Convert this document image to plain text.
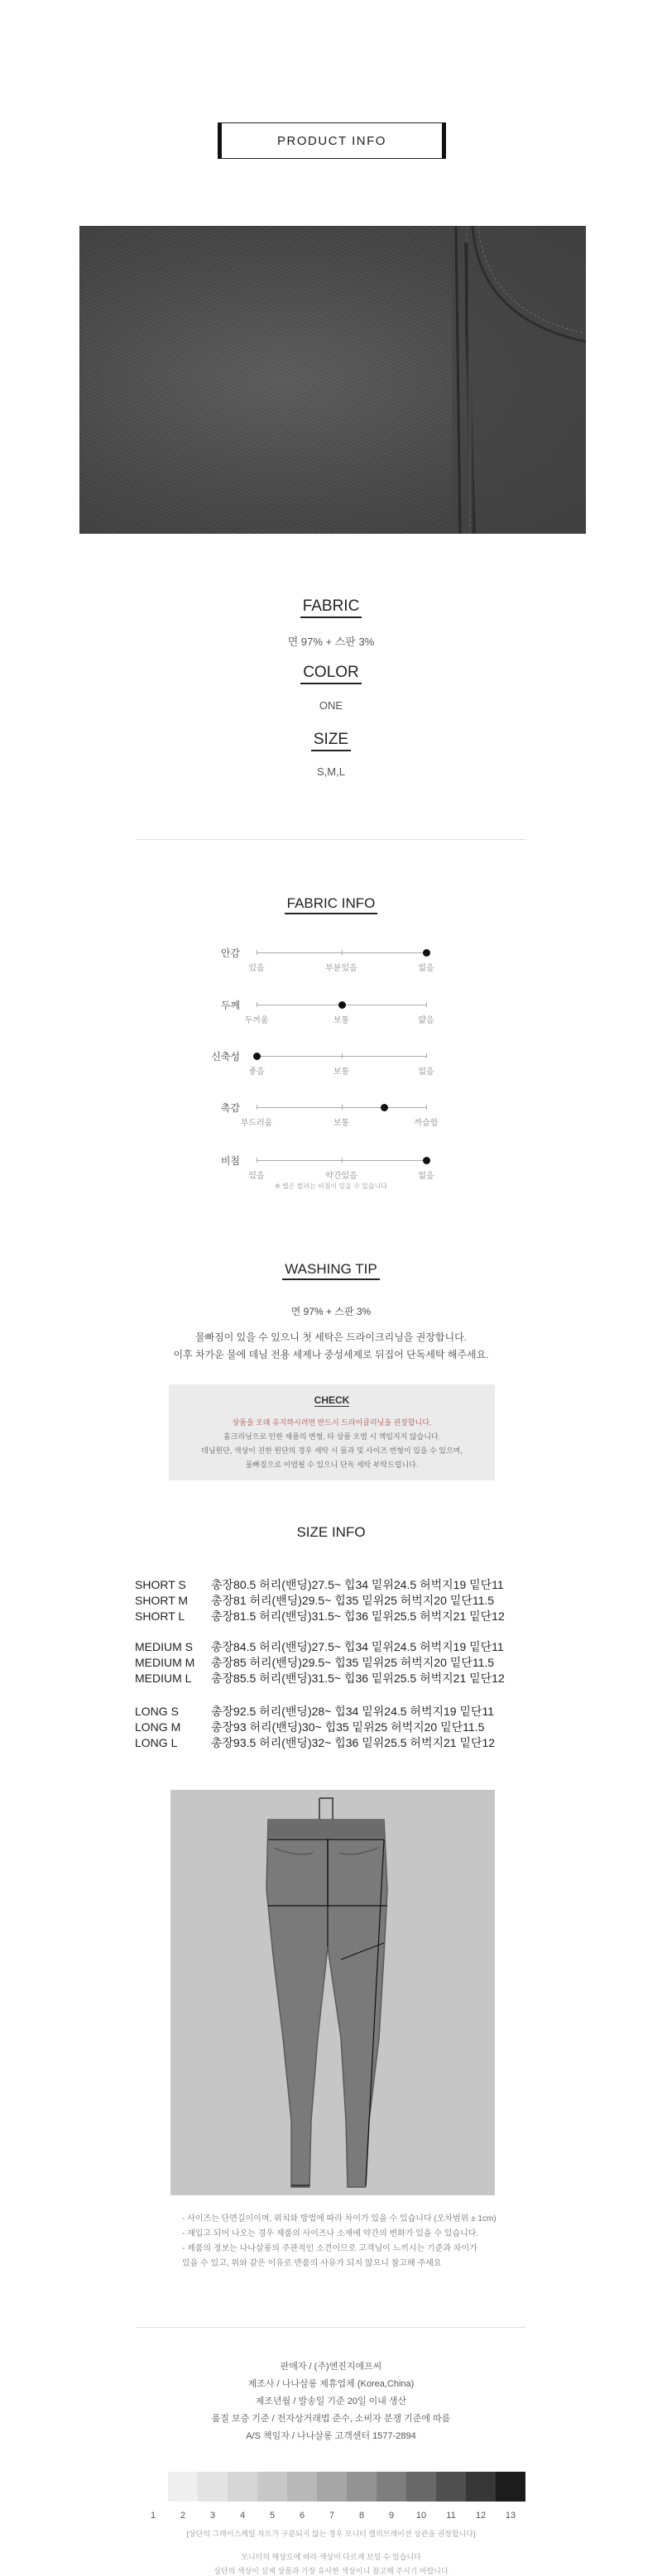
PRODUCT INFO
FABRIC
면 97% + 스판 3%
COLOR
ONE
SIZE
S,M,L
FABRIC INFO
안감
있음	부분있음	없음
두께
두꺼움	보통	얇음
신축성
좋음	보통	없음
촉감
부드러움	보통	까슬함
비침
있음	약간있음	없음
※ 별은 컬러는 비침이 있을 수 있습니다
WASHING TIP
면 97% + 스판 3%
물빠짐이 있을 수 있으니 첫 세탁은 드라이크리닝을 권장합니다.
이후 차가운 물에 데님 전용 세제나 중성세제로 뒤집어 단독세탁 해주세요.
CHECK
상품을 오래 유지하시려면 반드시 드라이클리닝을 권장합니다.
홈크리닝으로 인한 제품의 변형, 타 상품 오염 시 책임지지 않습니다.
데님원단, 색상이 진한 원단의 경우 세탁 시 물과 및 사이즈 변형이 있을 수 있으며,
물빠짐으로 이염될 수 있으니 단독 세탁 부탁드립니다.
SIZE INFO
SHORT S 총장80.5 허리(밴딩)27.5~ 힙34 밑위24.5 허벅지19 밑단11
SHORT M 총장81 허리(밴딩)29.5~ 힙35 밑위25 허벅지20 밑단11.5
SHORT L 총장81.5 허리(밴딩)31.5~ 힙36 밑위25.5 허벅지21 밑단12
MEDIUM S 총장84.5 허리(밴딩)27.5~ 힙34 밑위24.5 허벅지19 밑단11
MEDIUM M 총장85 허리(밴딩)29.5~ 힙35 밑위25 허벅지20 밑단11.5
MEDIUM L 총장85.5 허리(밴딩)31.5~ 힙36 밑위25.5 허벅지21 밑단12
LONG S	총장92.5 허리(밴딩)28~ 힙34 밑위24.5 허벅지19 밑단11
LONG M	총장93 허리(밴딩)30~ 힙35 밑위25 허벅지20 밑단11.5
LONG L	총장93.5 허리(밴딩)32~ 힙36 밑위25.5 허벅지21 밑단12
- 사이즈는 단면길이이며, 위치와 방법에 따라 차이가 있을 수 있습니다 (오차범위 ± 1cm)
- 재입고 되어 나오는 경우 제품의 사이즈나 소재에 약간의 변화가 있을 수 있습니다.
- 제품의 정보는 나나살롱의 주관적인 소견이므로 고객님이 느끼시는 기준과 차이가
있을 수 있고, 위와 같은 이유로 반품의 사유가 되지 않으니 참고해 주세요
판매자 / (주)엔진지에프씨
제조사 / 나나살롱 제휴업체 (Korea,China)
제조년월 / 발송일 기준 20일 이내 생산
품질 보증 기준 / 전자상거래법 준수, 소비자 분쟁 기준에 따름
A/S 책임자 / 나나살롱 고객센터 1577-2894
1	2	3	4	5	6	7	8	9	10	11	12	13
[상단의 그레이스케일 차트가 구분되지 않는 경우 모니터 캘리브레이션 상관을 권장합니다]
모니터의 해상도에 따라 색상이 다르게 보일 수 있습니다
상단의 색상이 실제 상품과 가장 유사한 색상이니 참고해 주시기 바랍니다
